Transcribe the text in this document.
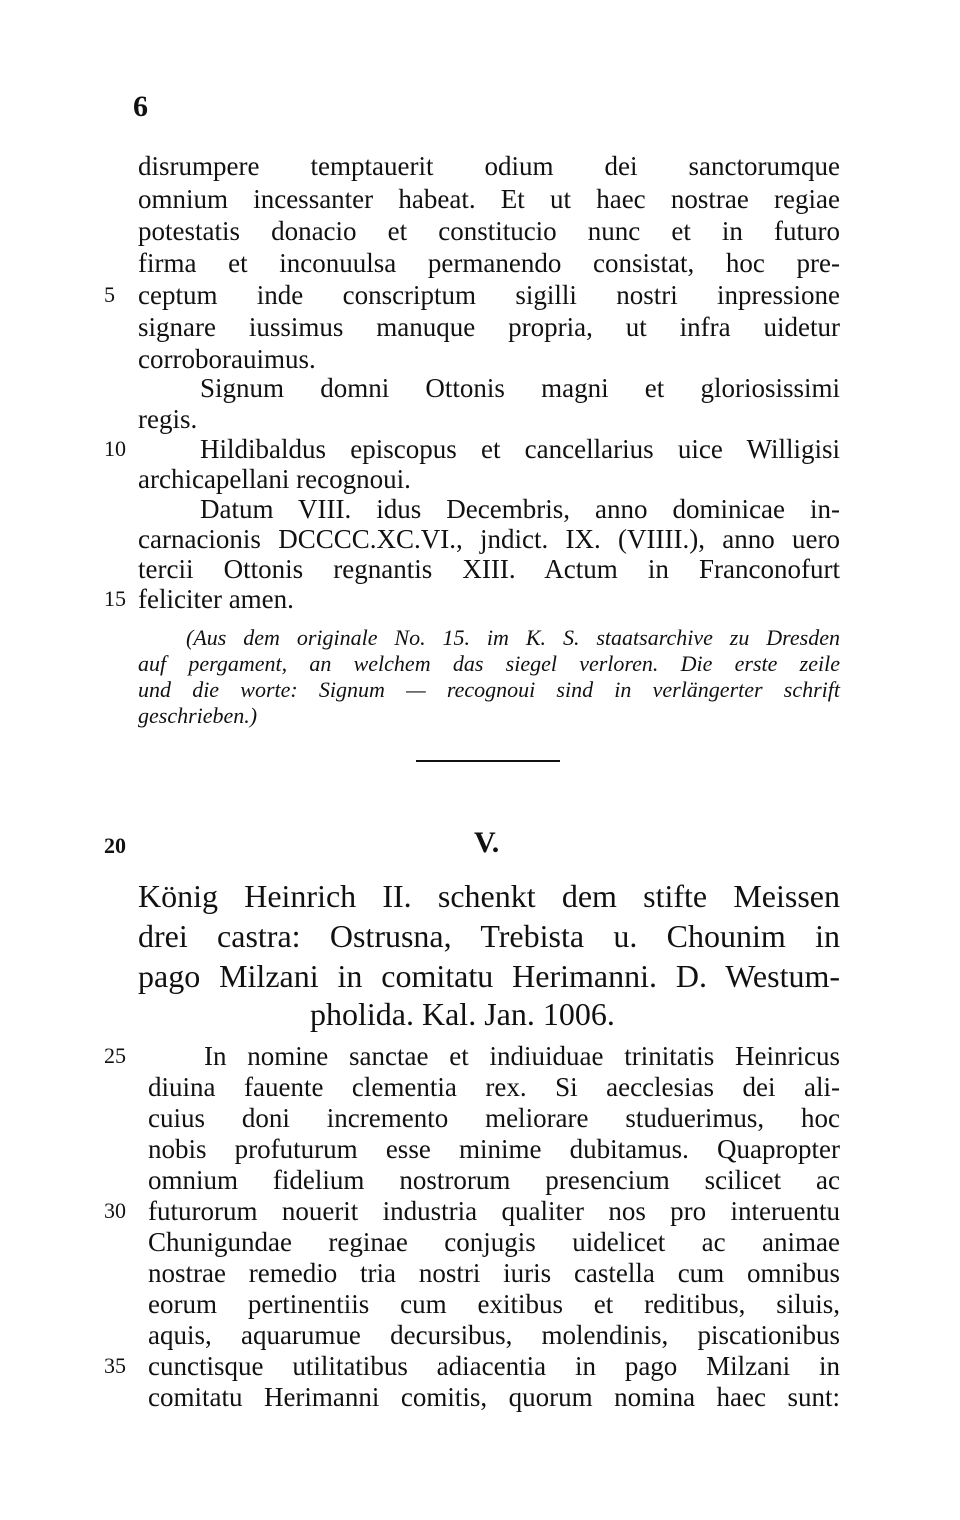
6
disrumpere temptauerit odium dei sanctorumque
omnium incessanter habeat. Et ut haec nostrae regiae
potestatis donacio et constitucio nunc et in futuro
firma et inconuulsa permanendo consistat, hoc pre-
5 ceptum inde conscriptum sigilli nostri inpressione
signare iussimus manuque propria, ut infra uidetur
corroborauimus.
Signum domni Ottonis magni et gloriosissimi
regis.
10	Hildibaldus episcopus et cancellarius uice Willigisi
archicapellani recognoui.
Datum VIII. idus Decembris, anno dominicae in-
carnacionis DCCCC.XC.VI., jndict. IX. (VIIII.), anno uero
tercii Ottonis regnantis XIII. Actum in Franconofurt
15 feliciter amen.
(Aus dem originale No. 15. im K. S. staatsarchive zu Dresden
auf pergament, an welchem das siegel verloren. Die erste zeile
und die worte: Signum — recognoui sind in verlängerter schrift
geschrieben.)
20	V.
König Heinrich II. schenkt dem stifte Meissen
drei castra: Ostrusna, Trebista u. Chounim in
pago Milzani in comitatu Herimanni. D. Westum-
pholida. Kal. Jan. 1006.
25	In nomine sanctae et indiuiduae trinitatis Heinricus
diuina fauente clementia rex. Si aecclesias dei ali-
cuius doni incremento meliorare studuerimus, hoc
nobis profuturum esse minime dubitamus. Quapropter
omnium fidelium nostrorum presencium scilicet ac
30 futurorum nouerit industria qualiter nos pro interuentu
Chunigundae reginae conjugis uidelicet ac animae
nostrae remedio tria nostri iuris castella cum omnibus
eorum pertinentiis cum exitibus et reditibus, siluis,
aquis, aquarumue decursibus, molendinis, piscationibus
35 cunctisque utilitatibus adiacentia in pago Milzani in
comitatu Herimanni comitis, quorum nomina haec sunt:
